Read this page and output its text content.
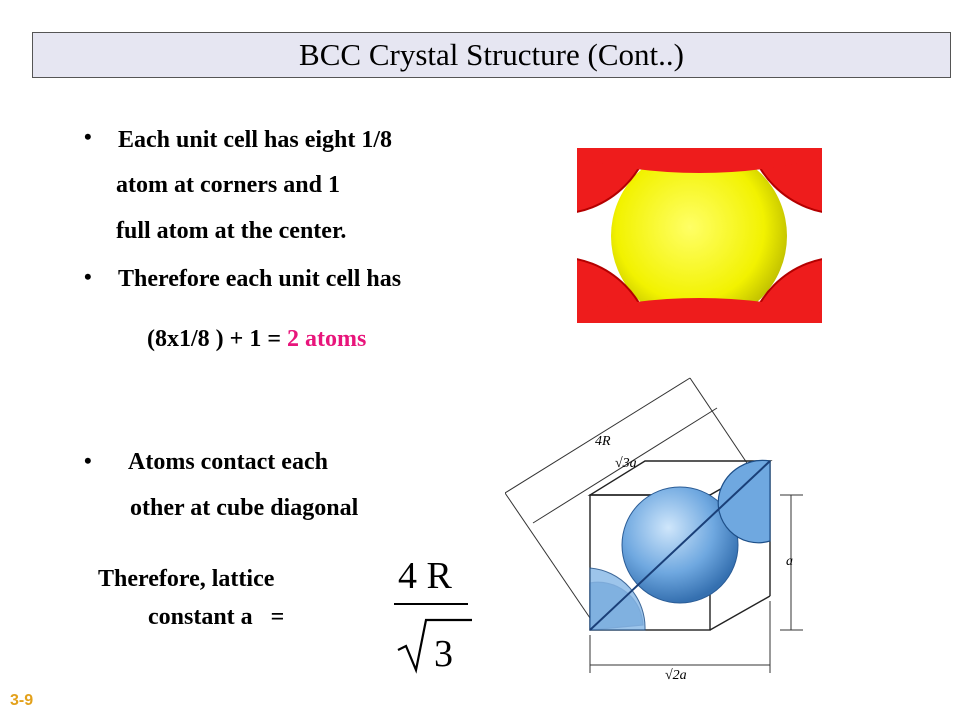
BCC Crystal Structure (Cont..)
• Each unit cell has eight 1/8
atom at corners and 1
full atom at the center.
• Therefore each unit cell has
(8x1/8 ) + 1 = 2 atoms
• Atoms contact each
other at cube diagonal
Therefore, lattice
constant a   =
4 R
3
4R
√3a
a
√2a
3-9
